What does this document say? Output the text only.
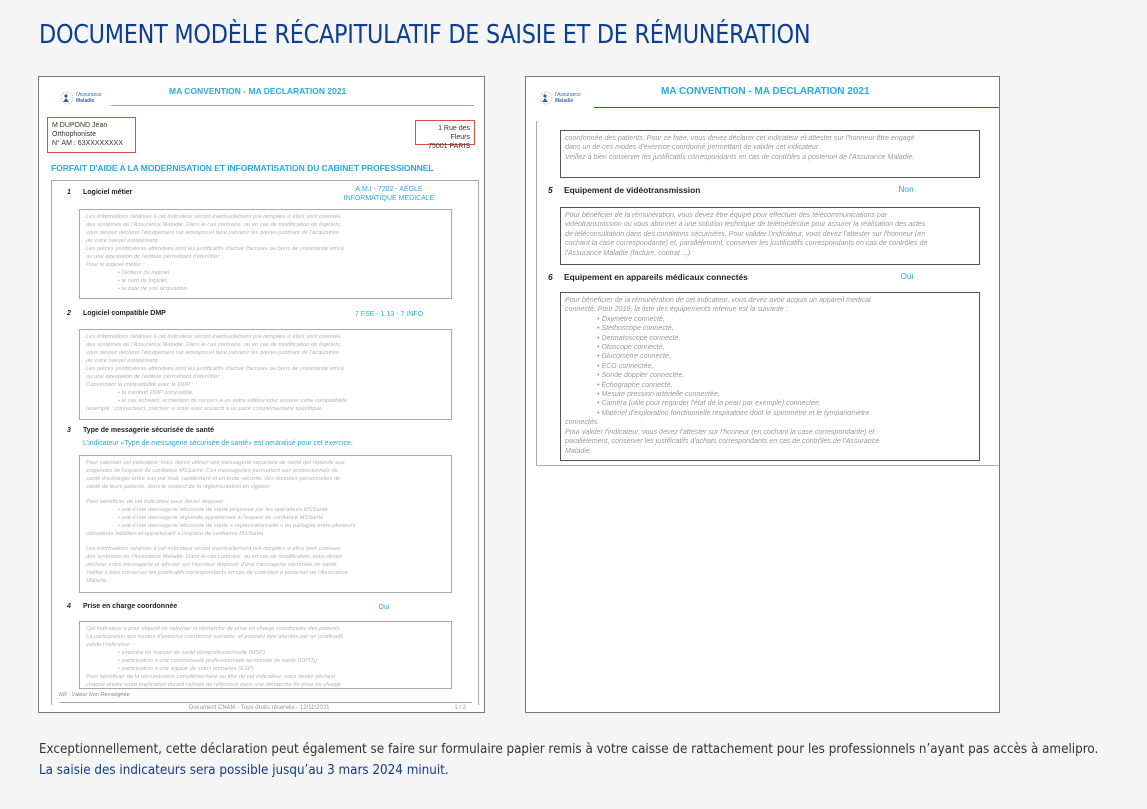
DOCUMENT MODÈLE RÉCAPITULATIF DE SAISIE ET DE RÉMUNÉRATION
l'Assurance
Maladie
MA CONVENTION - MA DECLARATION 2021
M DUPOND Jean
Orthophoniste
N° AM : 63XXXXXXXX
1 Rue des Fleurs
75001 PARIS
FORFAIT D'AIDE A LA MODERNISATION ET INFORMATISATION DU CABINET PROFESSIONNEL
1 Logiciel métier	A.M.I - 7202 - AEGLE
INFORMATIQUE MEDICALE
Les informations relatives à cet indicateur seront éventuellement pré-remplies si elles sont connues
des systèmes de l'Assurance Maladie. Dans le cas contraire, ou en cas de modification de logiciels,
vous devrez déclarer l'équipement sur amelipro et faire parvenir les pièces justifiant de l'acquisition
de votre nouvel équipement.
Les pièces justificatives attendues sont les justificatifs d'achat (factures ou bons de commande émis)
ou une attestation de l'éditeur permettant d'identifier :
Pour le logiciel métier :
• l'éditeur du logiciel,
• le nom du logiciel,
• la date de son acquisition.
2 Logiciel compatible DMP	7 FSE - 1.13 - 7 INFO
Les informations relatives à cet indicateur seront éventuellement pré-remplies si elles sont connues
des systèmes de l'Assurance Maladie. Dans le cas contraire, ou en cas de modification de logiciels,
vous devrez déclarer l'équipement sur amelipro et faire parvenir les pièces justifiant de l'acquisition
de votre nouvel équipement.
Les pièces justificatives attendues sont les justificatifs d'achat (factures ou bons de commande émis)
ou une attestation de l'éditeur permettant d'identifier :
Concernant la compatibilité avec le DMP :
• la mention DMP compatible,
• le cas échéant, la mention du recours à un autre éditeur pour assurer cette compatibilité
(exemple : connecteur); préciser si vous avez souscrit à un pack complémentaire spécifique.
3 Type de messagerie sécurisée de santé
L'indicateur «Type de messagerie sécurisée de santé» est neutralisé pour cet exercice.
Pour valoriser cet indicateur, vous devez utiliser une messagerie sécurisée de santé qui réponde aux
exigences de l'espace de confiance MSSanté. Ces messageries permettent aux professionnels de
santé d'échanger entre eux par mail, rapidement et en toute sécurité, des données personnelles de
santé de leurs patients, dans le respect de la réglementation en vigueur.
Pour bénéficier de cet indicateur vous devez disposer :
• soit d'une messagerie sécurisée de santé proposée par les opérateurs MSSanté
• soit d'une messagerie régionale appartenant à l'espace de confiance MSSanté
• soit d'une messagerie sécurisée de santé « organisationnelle » ou partagée entre plusieurs
utilisateurs habilités et appartenant à l'espace de confiance MSSanté.
Les informations relatives à cet indicateur seront éventuellement pré-remplies si elles sont connues
des systèmes de l'Assurance Maladie. Dans le cas contraire, ou en cas de modification, vous devez
déclarer votre messagerie et attester sur l'honneur disposer d'une messagerie sécurisée de santé.
Veillez à bien conserver les justificatifs correspondants en cas de contrôles a posteriori de l'Assurance
Maladie.
4 Prise en charge coordonnée	Oui
Cet indicateur a pour objectif de valoriser la démarche de prise en charge coordonnée des patients.
La participation aux modes d'exercice coordonné suivants, et pouvant être attestés par un justificatif,
valide l'indicateur :
• exercice en maison de santé pluriprofessionnelle (MSP)
• participation à une communauté professionnelle territoriale de santé (CPTS)
• participation à une équipe de soins primaires (ESP)
Pour bénéficier de la rémunération complémentaire au titre de cet indicateur, vous devez déclarer
chaque année votre implication durant l'année de référence dans une démarche de prise en charge
NR : Valeur Non Renseignée
Document CNAM - Tous droits réservés - 12/11/2021	1 / 2
l'Assurance
Maladie
MA CONVENTION - MA DECLARATION 2021
coordonnée des patients. Pour ce faire, vous devez déclarer cet indicateur et attester sur l'honneur être engagé
dans un de ces modes d'exercice coordonné permettant de valider cet indicateur.
Veillez à bien conserver les justificatifs correspondants en cas de contrôles a posteriori de l'Assurance Maladie.
5 Equipement de vidéotransmission	Non
Pour bénéficier de la rémunération, vous devez être équipé pour effectuer des télécommunications par
vidéotransmission ou vous abonner à une solution technique de télémédecine pour assurer la réalisation des actes
de téléconsultation dans des conditions sécurisées. Pour valider l'indicateur, vous devez l'attester sur l'honneur (en
cochant la case correspondante) et, parallèlement, conserver les justificatifs correspondants en cas de contrôles de
l'Assurance Maladie (facture, contrat ...).
6 Equipement en appareils médicaux connectés	Oui
Pour bénéficier de la rémunération de cet indicateur, vous devez avoir acquis un appareil medical
connecté. Pour 2019, la liste des équipements retenue est la suivante :
• Oxymètre connecté,
• Stéthoscope connecté,
• Dermatoscope connecté,
• Otoscope connecté,
• Glucomètre connecté,
• ECG connectée,
• Sonde doppler connectée,
• Echographe connecté,
• Mesure pression artérielle connectée,
• Caméra (utile pour regarder l'état de la peau par exemple) connectée,
• Matériel d'exploration fonctionnelle respiratoire dont le spiromètre et le tympanomètre
connectés.
Pour valider l'indicateur, vous devez l'attester sur l'honneur (en cochant la case correspondante) et
parallèlement, conserver les justificatifs d'achats correspondants en cas de contrôles de l'Assurance
Maladie.

Exceptionnellement, cette déclaration peut également se faire sur formulaire papier remis à votre caisse de rattachement pour les professionnels n’ayant pas accès à amelipro. La saisie des indicateurs sera possible jusqu’au 3 mars 2024 minuit.
